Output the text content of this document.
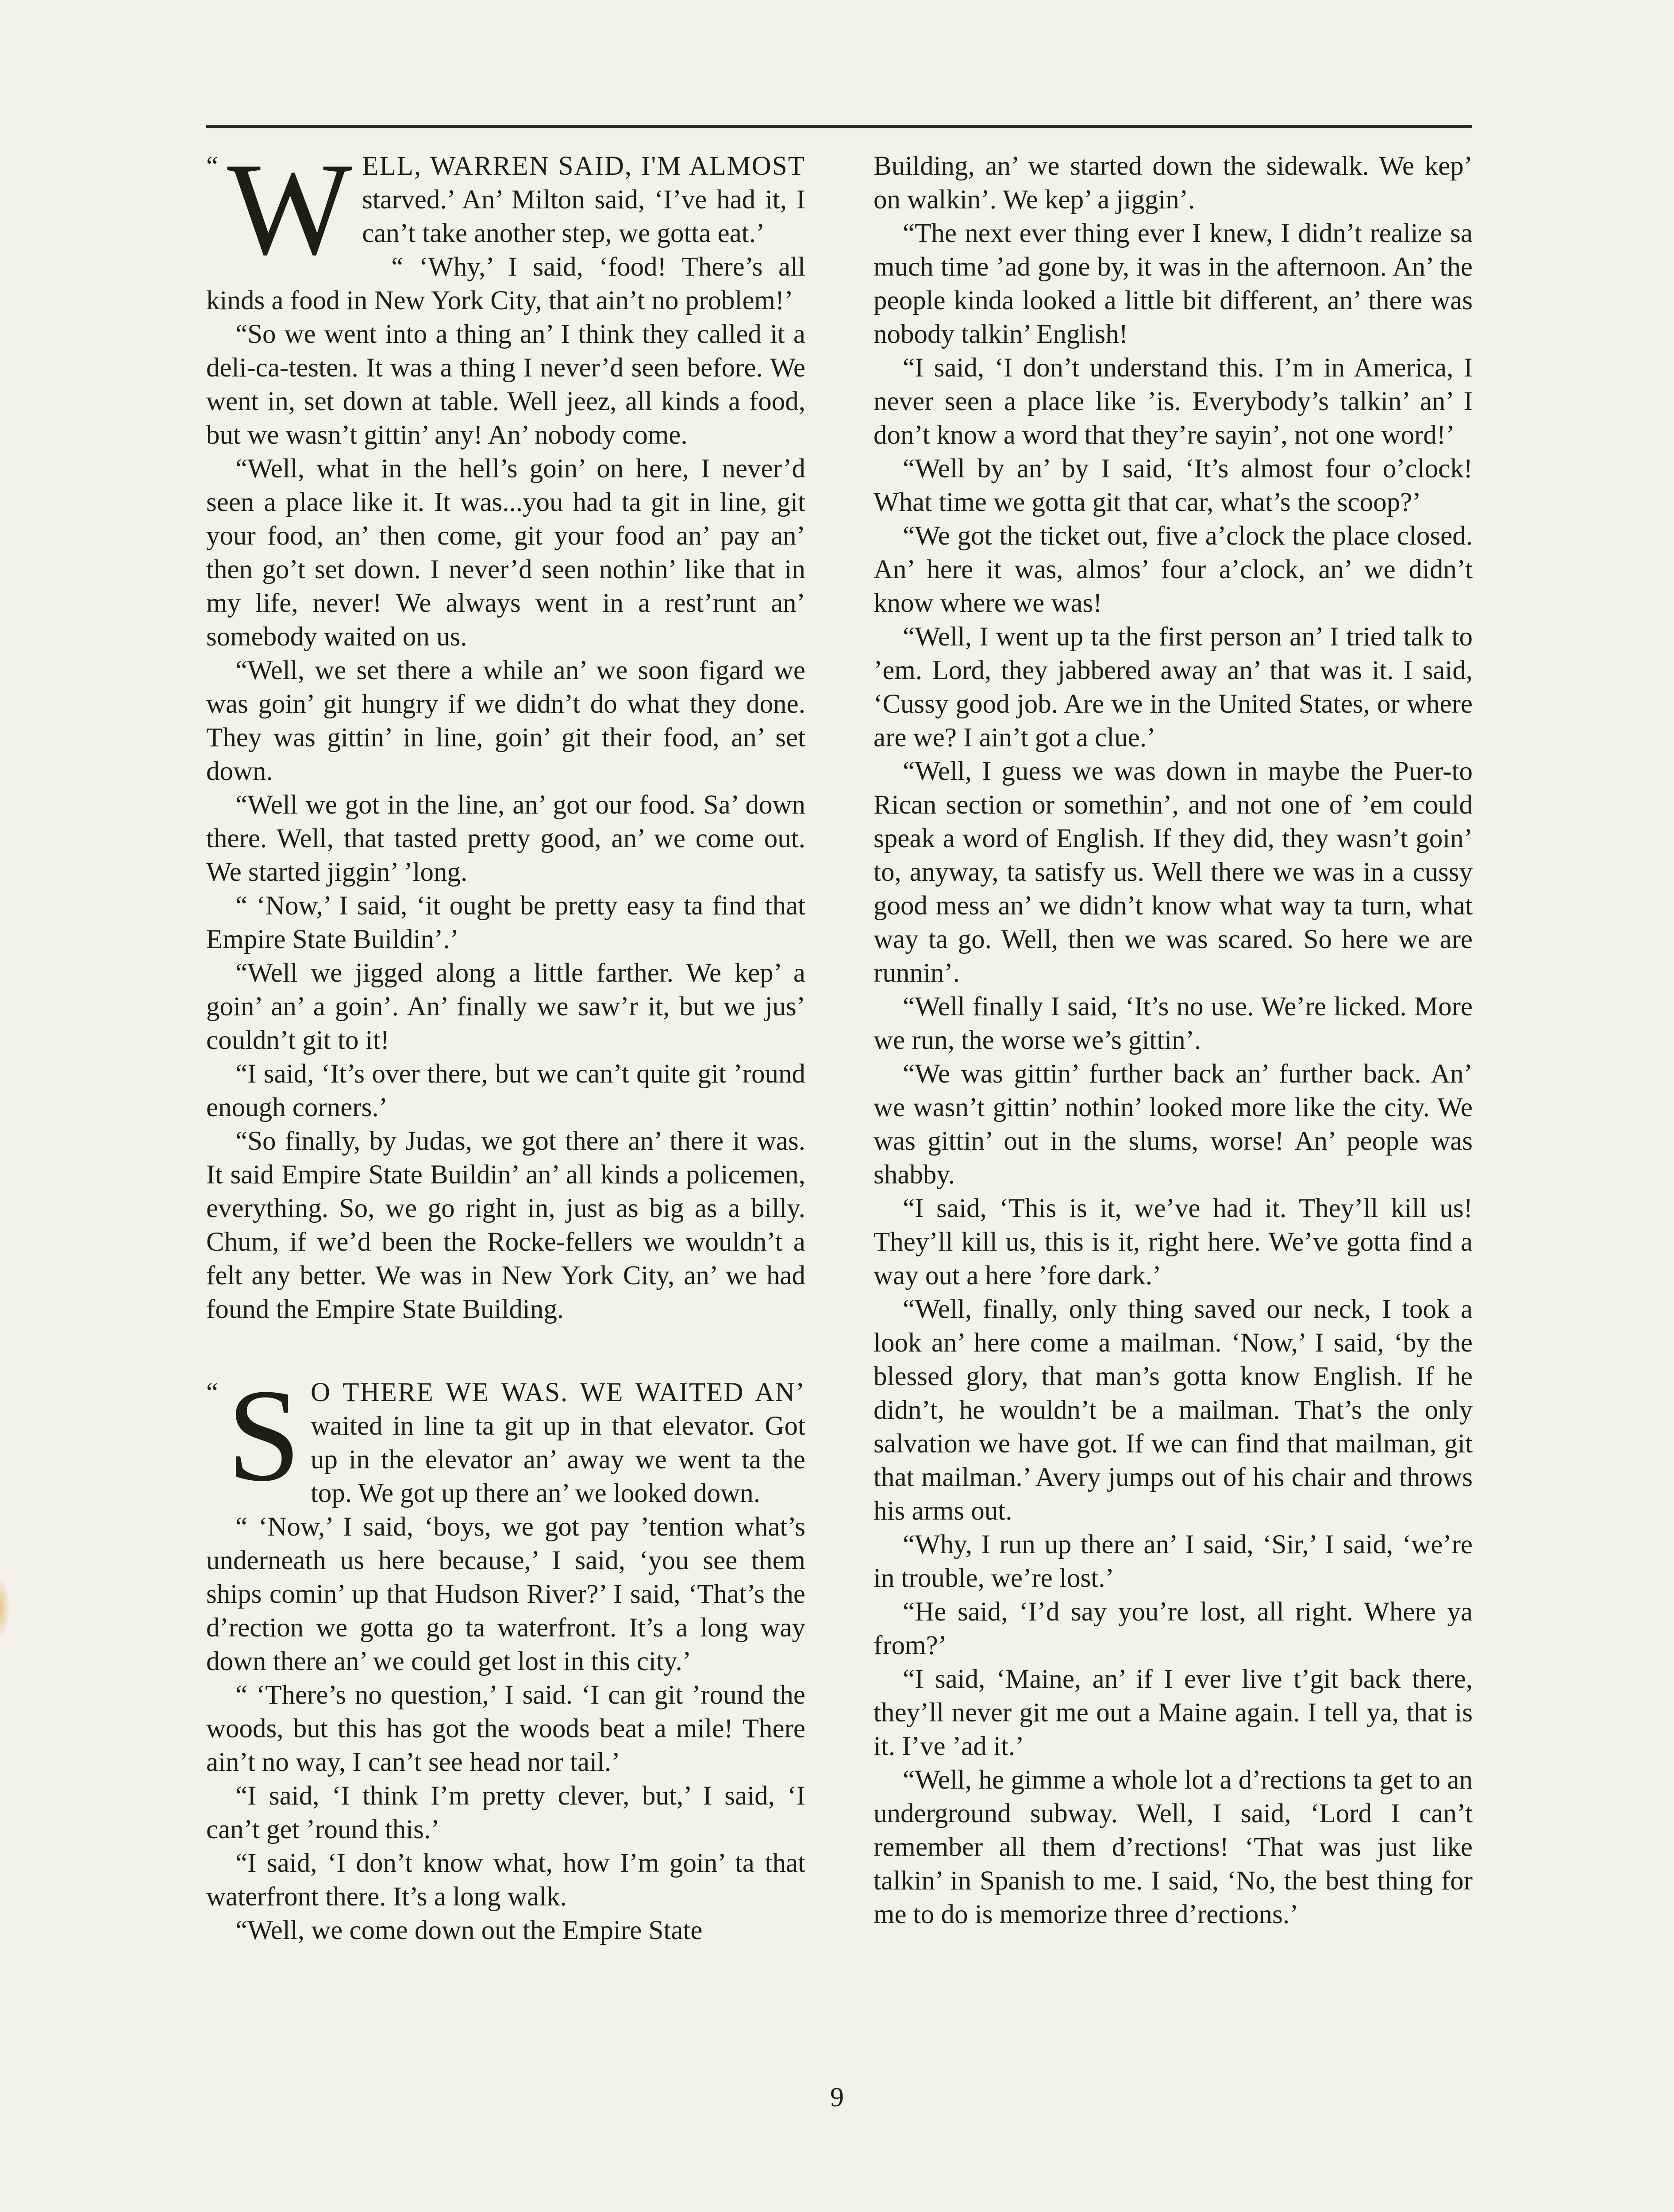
“ W ELL, WARREN SAID, I'M ALMOST starved.’ An’ Milton said, ‘I’ve had it, I can’t take another step, we gotta eat.’

“ ‘Why,’ I said, ‘food! There’s all kinds a food in New York City, that ain’t no problem!’

“So we went into a thing an’ I think they called it a deli-ca-testen. It was a thing I never’d seen before. We went in, set down at table. Well jeez, all kinds a food, but we wasn’t gittin’ any! An’ nobody come.

“Well, what in the hell’s goin’ on here, I never’d seen a place like it. It was...you had ta git in line, git your food, an’ then come, git your food an’ pay an’ then go’t set down. I never’d seen nothin’ like that in my life, never! We always went in a rest’runt an’ somebody waited on us.

“Well, we set there a while an’ we soon figard we was goin’ git hungry if we didn’t do what they done. They was gittin’ in line, goin’ git their food, an’ set down.

“Well we got in the line, an’ got our food. Sa’ down there. Well, that tasted pretty good, an’ we come out. We started jiggin’ ’long.

“ ‘Now,’ I said, ‘it ought be pretty easy ta find that Empire State Buildin’.’

“Well we jigged along a little farther. We kep’ a goin’ an’ a goin’. An’ finally we saw’r it, but we jus’ couldn’t git to it!

“I said, ‘It’s over there, but we can’t quite git ’round enough corners.’

“So finally, by Judas, we got there an’ there it was. It said Empire State Buildin’ an’ all kinds a policemen, everything. So, we go right in, just as big as a billy. Chum, if we’d been the Rocke-fellers we wouldn’t a felt any better. We was in New York City, an’ we had found the Empire State Building.

“ S O THERE WE WAS. WE WAITED AN’ waited in line ta git up in that elevator. Got up in the elevator an’ away we went ta the top. We got up there an’ we looked down.

“ ‘Now,’ I said, ‘boys, we got pay ’tention what’s underneath us here because,’ I said, ‘you see them ships comin’ up that Hudson River?’ I said, ‘That’s the d’rection we gotta go ta waterfront. It’s a long way down there an’ we could get lost in this city.’

“ ‘There’s no question,’ I said. ‘I can git ’round the woods, but this has got the woods beat a mile! There ain’t no way, I can’t see head nor tail.’

“I said, ‘I think I’m pretty clever, but,’ I said, ‘I can’t get ’round this.’

“I said, ‘I don’t know what, how I’m goin’ ta that waterfront there. It’s a long walk.

“Well, we come down out the Empire State

Building, an’ we started down the sidewalk. We kep’ on walkin’. We kep’ a jiggin’.

“The next ever thing ever I knew, I didn’t realize sa much time ’ad gone by, it was in the afternoon. An’ the people kinda looked a little bit different, an’ there was nobody talkin’ English!

“I said, ‘I don’t understand this. I’m in America, I never seen a place like ’is. Everybody’s talkin’ an’ I don’t know a word that they’re sayin’, not one word!’

“Well by an’ by I said, ‘It’s almost four o’clock! What time we gotta git that car, what’s the scoop?’

“We got the ticket out, five a’clock the place closed. An’ here it was, almos’ four a’clock, an’ we didn’t know where we was!

“Well, I went up ta the first person an’ I tried talk to ’em. Lord, they jabbered away an’ that was it. I said, ‘Cussy good job. Are we in the United States, or where are we? I ain’t got a clue.’

“Well, I guess we was down in maybe the Puer-to Rican section or somethin’, and not one of ’em could speak a word of English. If they did, they wasn’t goin’ to, anyway, ta satisfy us. Well there we was in a cussy good mess an’ we didn’t know what way ta turn, what way ta go. Well, then we was scared. So here we are runnin’.

“Well finally I said, ‘It’s no use. We’re licked. More we run, the worse we’s gittin’.

“We was gittin’ further back an’ further back. An’ we wasn’t gittin’ nothin’ looked more like the city. We was gittin’ out in the slums, worse! An’ people was shabby.

“I said, ‘This is it, we’ve had it. They’ll kill us! They’ll kill us, this is it, right here. We’ve gotta find a way out a here ’fore dark.’

“Well, finally, only thing saved our neck, I took a look an’ here come a mailman. ‘Now,’ I said, ‘by the blessed glory, that man’s gotta know English. If he didn’t, he wouldn’t be a mailman. That’s the only salvation we have got. If we can find that mailman, git that mailman.’ Avery jumps out of his chair and throws his arms out.

“Why, I run up there an’ I said, ‘Sir,’ I said, ‘we’re in trouble, we’re lost.’

“He said, ‘I’d say you’re lost, all right. Where ya from?’

“I said, ‘Maine, an’ if I ever live t’git back there, they’ll never git me out a Maine again. I tell ya, that is it. I’ve ’ad it.’

“Well, he gimme a whole lot a d’rections ta get to an underground subway. Well, I said, ‘Lord I can’t remember all them d’rections! ‘That was just like talkin’ in Spanish to me. I said, ‘No, the best thing for me to do is memorize three d’rections.’

9
